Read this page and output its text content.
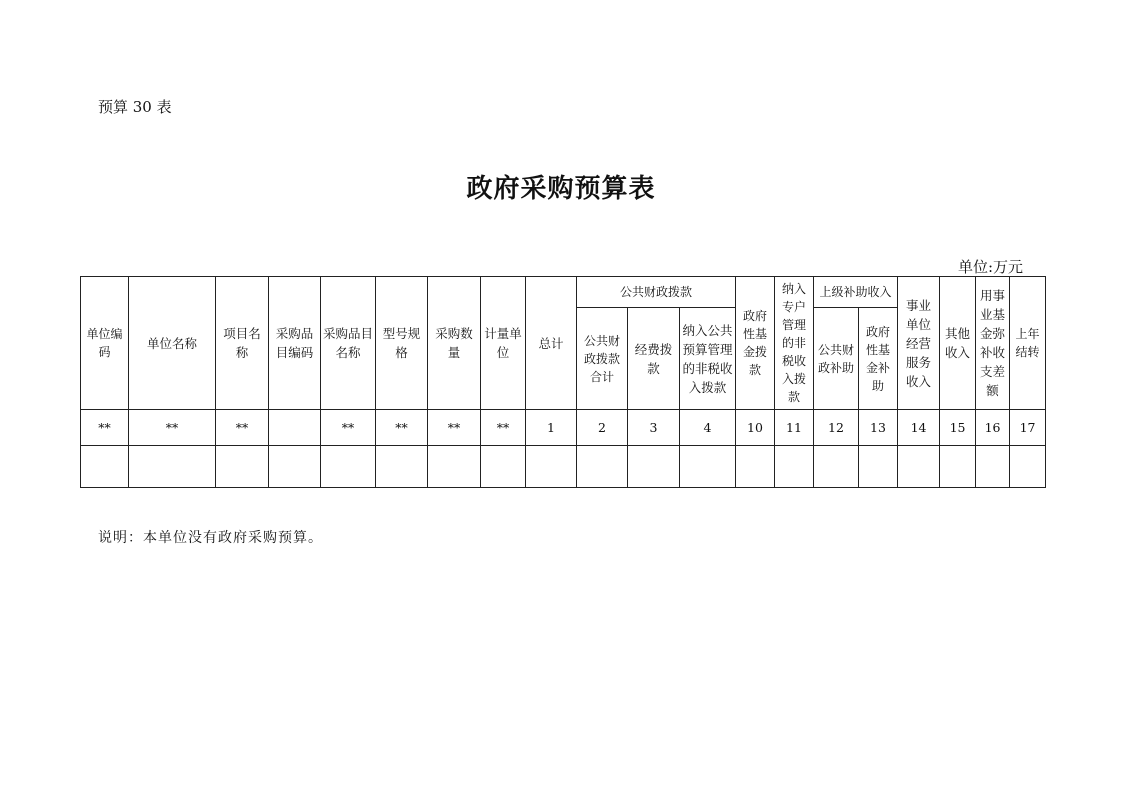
预算 30 表
政府采购预算表
单位:万元
单位编码	单位名称	项目名称	采购品目编码	采购品目名称	型号规格	采购数量	计量单位	总计	公共财政拨款			政府性基金拨款	纳入专户管理的非税收入拨款	上级补助收入		事业单位经营服务收入	其他收入	用事业基金弥补收支差额	上年结转
									公共财政拨款合计	经费拨款	纳入公共预算管理的非税收入拨款			公共财政补助	政府性基金补助				
**	**	**		**	**	**	**	1	2	3	4	10	11	12	13	14	15	16	17

说明：本单位没有政府采购预算。
